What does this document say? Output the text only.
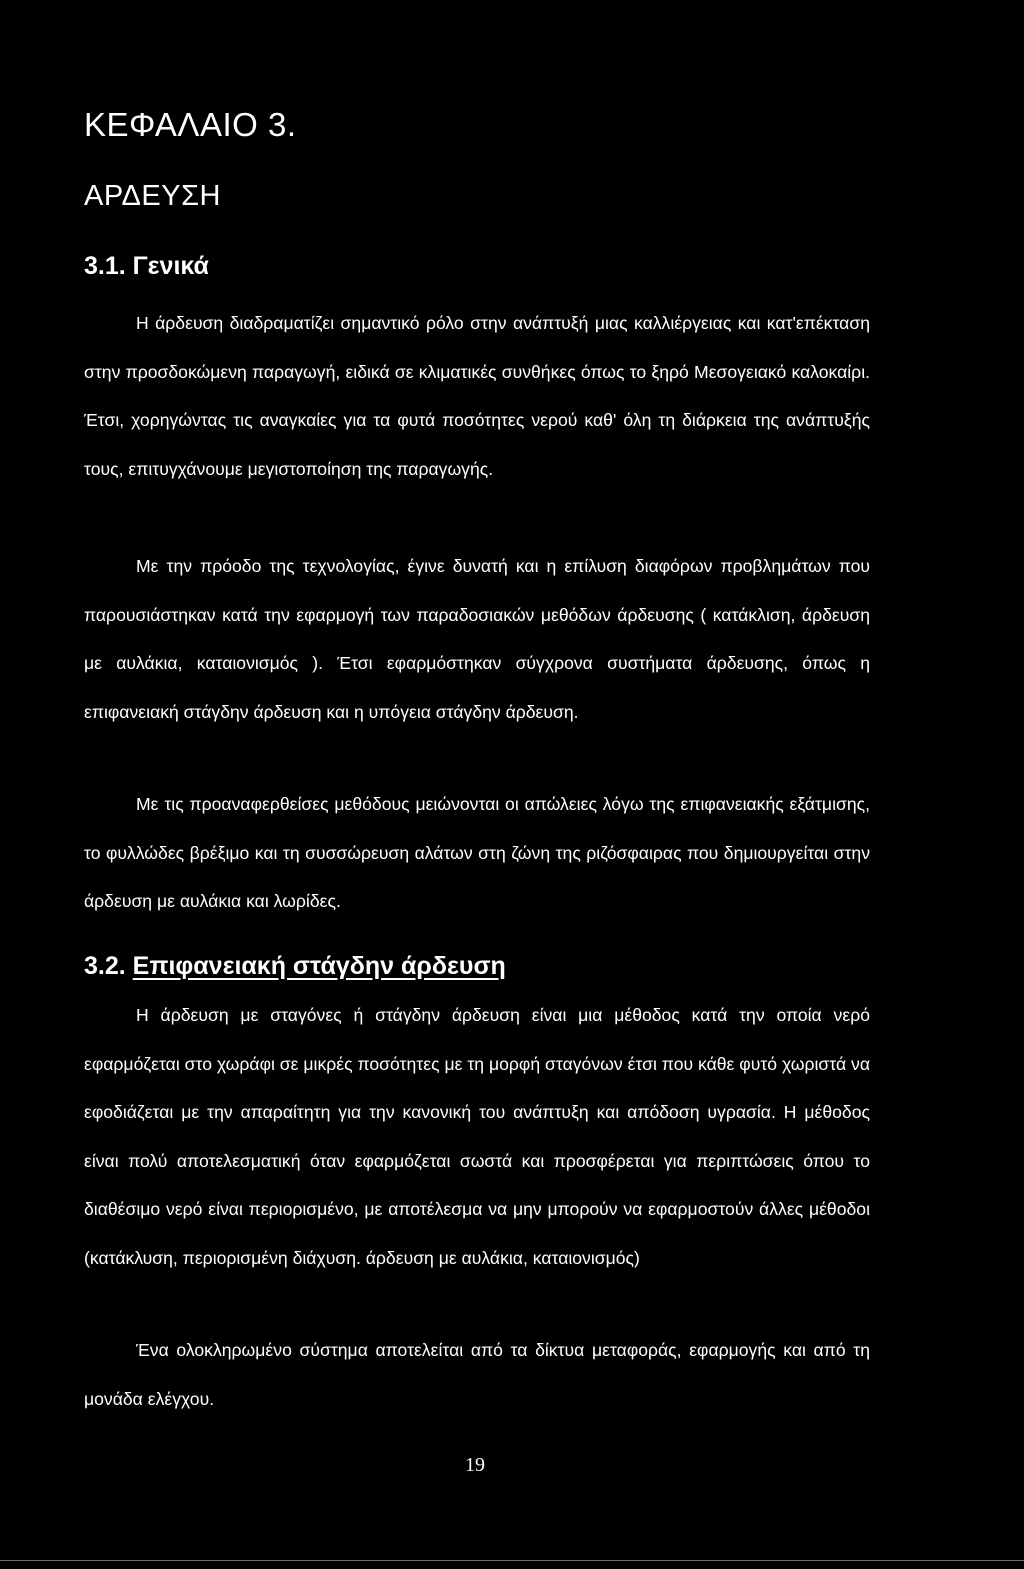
ΚΕΦΑΛΑΙΟ 3.
ΑΡΔΕΥΣΗ
3.1. Γενικά

Η άρδευση διαδραματίζει σημαντικό ρόλο στην ανάπτυξή μιας καλλιέργειας και κατ'επέκταση στην προσδοκώμενη παραγωγή, ειδικά σε κλιματικές συνθήκες όπως το ξηρό Μεσογειακό καλοκαίρι. Έτσι, χορηγώντας τις αναγκαίες για τα φυτά ποσότητες νερού καθ' όλη τη διάρκεια της ανάπτυξής τους, επιτυγχάνουμε μεγιστοποίηση της παραγωγής.

Με την πρόοδο της τεχνολογίας, έγινε δυνατή και η επίλυση διαφόρων προβλημάτων που παρουσιάστηκαν κατά την εφαρμογή των παραδοσιακών μεθόδων άρδευσης ( κατάκλιση, άρδευση με αυλάκια, καταιονισμός ). Έτσι εφαρμόστηκαν σύγχρονα συστήματα άρδευσης, όπως η επιφανειακή στάγδην άρδευση και η υπόγεια στάγδην άρδευση.

Με τις προαναφερθείσες μεθόδους μειώνονται οι απώλειες λόγω της επιφανειακής εξάτμισης, το φυλλώδες βρέξιμο και τη συσσώρευση αλάτων στη ζώνη της ριζόσφαιρας που δημιουργείται στην άρδευση με αυλάκια και λωρίδες.

3.2. Επιφανειακή στάγδην άρδευση

Η άρδευση με σταγόνες ή στάγδην άρδευση είναι μια μέθοδος κατά την οποία νερό εφαρμόζεται στο χωράφι σε μικρές ποσότητες με τη μορφή σταγόνων έτσι που κάθε φυτό χωριστά να εφοδιάζεται με την απαραίτητη για την κανονική του ανάπτυξη και απόδοση υγρασία. Η μέθοδος είναι πολύ αποτελεσματική όταν εφαρμόζεται σωστά και προσφέρεται για περιπτώσεις όπου το διαθέσιμο νερό είναι περιορισμένο, με αποτέλεσμα να μην μπορούν να εφαρμοστούν άλλες μέθοδοι (κατάκλυση, περιορισμένη διάχυση. άρδευση με αυλάκια, καταιονισμός)

Ένα ολοκληρωμένο σύστημα αποτελείται από τα δίκτυα μεταφοράς, εφαρμογής και από τη μονάδα ελέγχου.

19
